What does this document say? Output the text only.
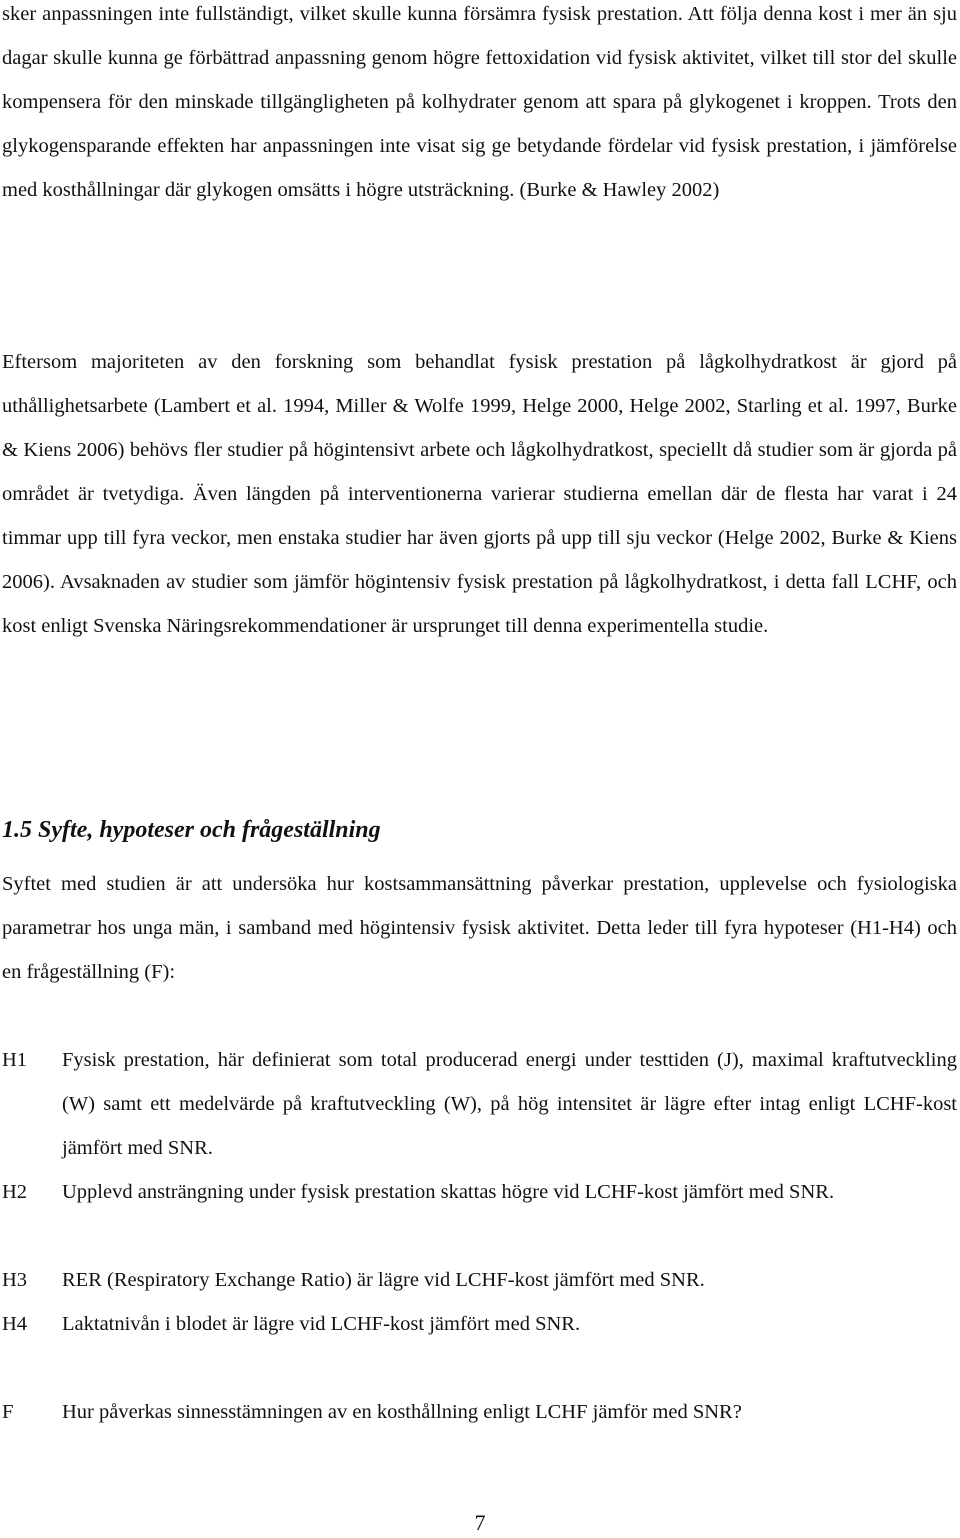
sker anpassningen inte fullständigt, vilket skulle kunna försämra fysisk prestation. Att följa denna kost i mer än sju dagar skulle kunna ge förbättrad anpassning genom högre fettoxidation vid fysisk aktivitet, vilket till stor del skulle kompensera för den minskade tillgängligheten på kolhydrater genom att spara på glykogenet i kroppen. Trots den glykogensparande effekten har anpassningen inte visat sig ge betydande fördelar vid fysisk prestation, i jämförelse med kosthållningar där glykogen omsätts i högre utsträckning. (Burke & Hawley 2002)

Eftersom majoriteten av den forskning som behandlat fysisk prestation på lågkolhydratkost är gjord på uthållighetsarbete (Lambert et al. 1994, Miller & Wolfe 1999, Helge 2000, Helge 2002, Starling et al. 1997, Burke & Kiens 2006) behövs fler studier på högintensivt arbete och lågkolhydratkost, speciellt då studier som är gjorda på området är tvetydiga. Även längden på interventionerna varierar studierna emellan där de flesta har varat i 24 timmar upp till fyra veckor, men enstaka studier har även gjorts på upp till sju veckor (Helge 2002, Burke & Kiens 2006). Avsaknaden av studier som jämför högintensiv fysisk prestation på lågkolhydratkost, i detta fall LCHF, och kost enligt Svenska Näringsrekommendationer är ursprunget till denna experimentella studie.

1.5 Syfte, hypoteser och frågeställning

Syftet med studien är att undersöka hur kostsammansättning påverkar prestation, upplevelse och fysiologiska parametrar hos unga män, i samband med högintensiv fysisk aktivitet. Detta leder till fyra hypoteser (H1-H4) och en frågeställning (F):

H1 Fysisk prestation, här definierat som total producerad energi under testtiden (J), maximal kraftutveckling (W) samt ett medelvärde på kraftutveckling (W), på hög intensitet är lägre efter intag enligt LCHF-kost jämfört med SNR.
H2 Upplevd ansträngning under fysisk prestation skattas högre vid LCHF-kost jämfört med SNR.
H3 RER (Respiratory Exchange Ratio) är lägre vid LCHF-kost jämfört med SNR.
H4 Laktatnivån i blodet är lägre vid LCHF-kost jämfört med SNR.
F Hur påverkas sinnesstämningen av en kosthållning enligt LCHF jämför med SNR?
7
